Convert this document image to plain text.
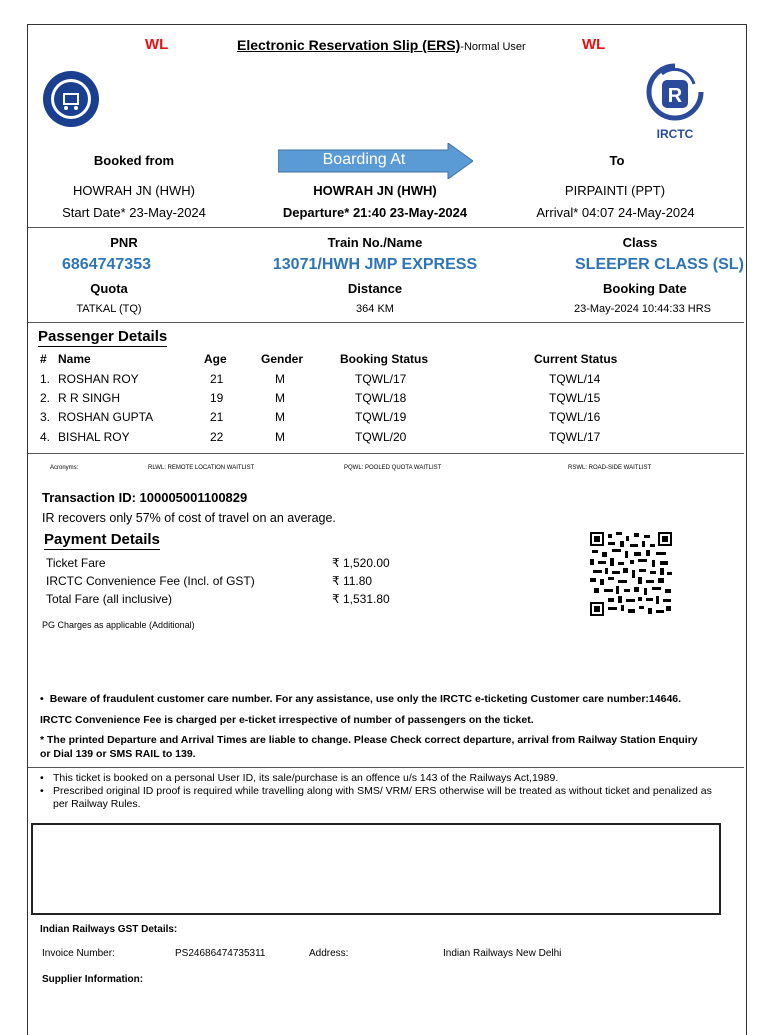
WL	Electronic Reservation Slip (ERS)-Normal User	WL
R
IRCTC
Booked from	Boarding At	To
HOWRAH JN (HWH)	HOWRAH JN (HWH)	PIRPAINTI (PPT)
Start Date* 23-May-2024	Departure* 21:40 23-May-2024	Arrival* 04:07 24-May-2024
PNR	Train No./Name	Class
6864747353	13071/HWH JMP EXPRESS	SLEEPER CLASS (SL)
Quota	Distance	Booking Date
TATKAL (TQ)	364 KM	23-May-2024 10:44:33 HRS
Passenger Details
# Name	Age	Gender	Booking Status	Current Status
1. ROSHAN ROY	21	M	TQWL/17	TQWL/14
2. R R SINGH	19	M	TQWL/18	TQWL/15
3. ROSHAN GUPTA	21	M	TQWL/19	TQWL/16
4. BISHAL ROY	22	M	TQWL/20	TQWL/17
Acronyms:	RLWL: REMOTE LOCATION WAITLIST	PQWL: POOLED QUOTA WAITLIST	RSWL: ROAD-SIDE WAITLIST
Transaction ID: 100005001100829
IR recovers only 57% of cost of travel on an average.
Payment Details
Ticket Fare	₹ 1,520.00
IRCTC Convenience Fee (Incl. of GST)	₹ 11.80
Total Fare (all inclusive)	₹ 1,531.80
PG Charges as applicable (Additional)
• Beware of fraudulent customer care number. For any assistance, use only the IRCTC e-ticketing Customer care number:14646.
IRCTC Convenience Fee is charged per e-ticket irrespective of number of passengers on the ticket.
* The printed Departure and Arrival Times are liable to change. Please Check correct departure, arrival from Railway Station Enquiry or Dial 139 or SMS RAIL to 139.
• This ticket is booked on a personal User ID, its sale/purchase is an offence u/s 143 of the Railways Act,1989.
• Prescribed original ID proof is required while travelling along with SMS/ VRM/ ERS otherwise will be treated as without ticket and penalized as per Railway Rules.
Indian Railways GST Details:
Invoice Number:	PS24686474735311	Address:	Indian Railways New Delhi
Supplier Information:
